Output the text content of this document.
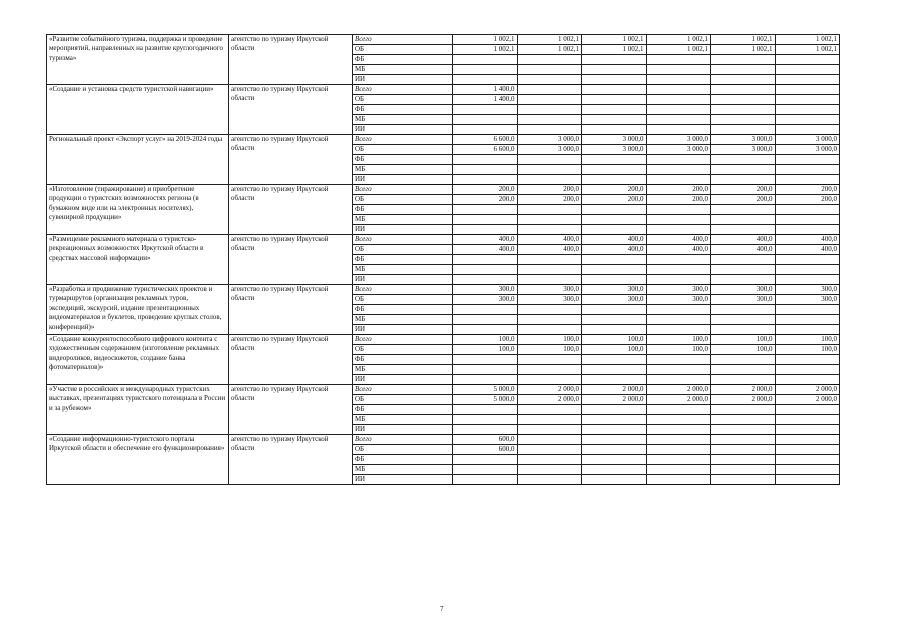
«Развитие событийного туризма, поддержка и проведение мероприятий, направленных на развитие круглогодичного туризма»	агентство по туризму Иркутской области	Всего	1 002,1	1 002,1	1 002,1	1 002,1	1 002,1	1 002,1
		ОБ	1 002,1	1 002,1	1 002,1	1 002,1	1 002,1	1 002,1
		ФБ						
		МБ						
		ИИ						
«Создание и установка средств туристской навигации»	агентство по туризму Иркутской области	Всего	1 400,0					
		ОБ	1 400,0					
		ФБ						
		МБ						
		ИИ						
Региональный проект «Экспорт услуг» на 2019-2024 годы	агентство по туризму Иркутской области	Всего	6 600,0	3 000,0	3 000,0	3 000,0	3 000,0	3 000,0
		ОБ	6 600,0	3 000,0	3 000,0	3 000,0	3 000,0	3 000,0
		ФБ						
		МБ						
		ИИ						
«Изготовление (тиражирование) и приобретение продукции о туристских возможностях региона (в бумажном виде или на электронных носителях), сувенирной продукции»	агентство по туризму Иркутской области	Всего	200,0	200,0	200,0	200,0	200,0	200,0
		ОБ	200,0	200,0	200,0	200,0	200,0	200,0
		ФБ						
		МБ						
		ИИ						
«Размещение рекламного материала о туристско-рекреационных возможностях Иркутской области в средствах массовой информации»	агентство по туризму Иркутской области	Всего	400,0	400,0	400,0	400,0	400,0	400,0
		ОБ	400,0	400,0	400,0	400,0	400,0	400,0
		ФБ						
		МБ						
		ИИ						
«Разработка и продвижение туристических проектов и турмаршрутов (организация рекламных туров, экспедиций, экскурсий, издание презентационных видеоматериалов и буклетов, проведение круглых столов, конференций)»	агентство по туризму Иркутской области	Всего	300,0	300,0	300,0	300,0	300,0	300,0
		ОБ	300,0	300,0	300,0	300,0	300,0	300,0
		ФБ						
		МБ						
		ИИ						
«Создание конкурентоспособного цифрового контента с художественным содержанием (изготовление рекламных видеороликов, видеосюжетов, создание банка фотоматериалов)»	агентство по туризму Иркутской области	Всего	100,0	100,0	100,0	100,0	100,0	100,0
		ОБ	100,0	100,0	100,0	100,0	100,0	100,0
		ФБ						
		МБ						
		ИИ						
«Участие в российских и международных туристских выставках, презентациях туристского потенциала в России и за рубежом»	агентство по туризму Иркутской области	Всего	5 000,0	2 000,0	2 000,0	2 000,0	2 000,0	2 000,0
		ОБ	5 000,0	2 000,0	2 000,0	2 000,0	2 000,0	2 000,0
		ФБ						
		МБ						
		ИИ						
«Создание информационно-туристского портала Иркутской области и обеспечение его функционирования»	агентство по туризму Иркутской области	Всего	600,0					
		ОБ	600,0					
		ФБ						
		МБ						
		ИИ						
7
